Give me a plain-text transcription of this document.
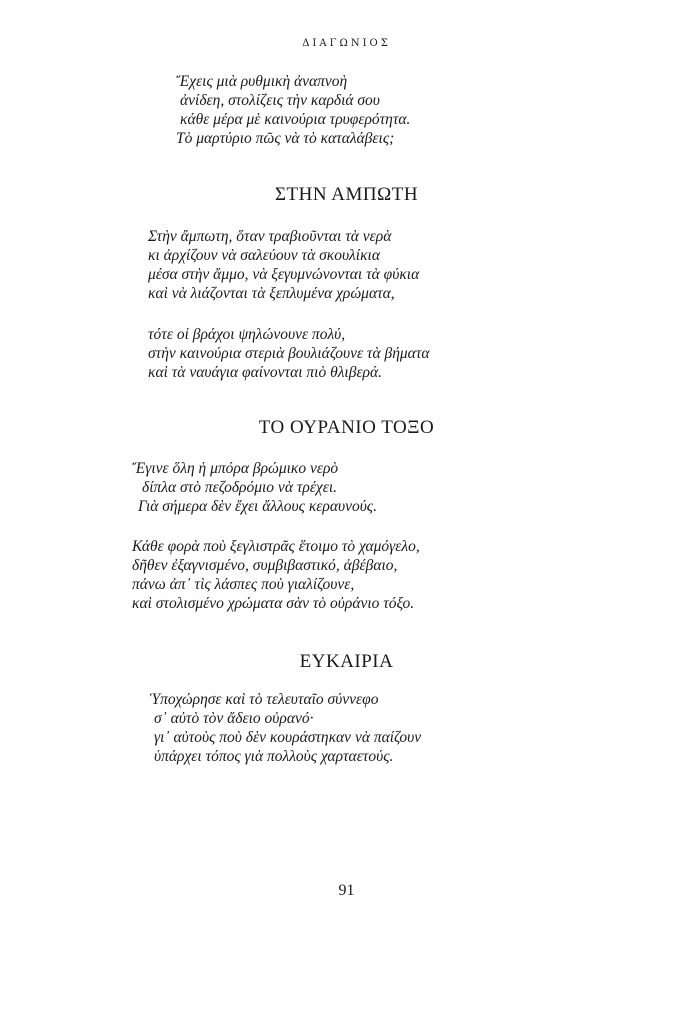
ΔΙΑΓΩΝΙΟΣ
Ἔχεις μιὰ ρυθμικὴ ἀναπνοὴ
ἀνίδεη, στολίζεις τὴν καρδιά σου
κάθε μέρα μὲ καινούρια τρυφερότητα.
Τὸ μαρτύριο πῶς νὰ τὸ καταλάβεις;
ΣΤΗΝ ΑΜΠΩΤΗ
Στὴν ἄμπωτη, ὅταν τραβιοῦνται τὰ νερὰ
κι ἀρχίζουν νὰ σαλεύουν τὰ σκουλίκια
μέσα στὴν ἄμμο, νὰ ξεγυμνώνονται τὰ φύκια
καὶ νὰ λιάζονται τὰ ξεπλυμένα χρώματα,
τότε οἱ βράχοι ψηλώνουνε πολύ,
στὴν καινούρια στεριὰ βουλιάζουνε τὰ βήματα
καὶ τὰ ναυάγια φαίνονται πιὸ θλιβερά.
ΤΟ ΟΥΡΑΝΙΟ ΤΟΞΟ
Ἔγινε ὅλη ἡ μπόρα βρώμικο νερὸ
δίπλα στὸ πεζοδρόμιο νὰ τρέχει.
Γιὰ σήμερα δὲν ἔχει ἄλλους κεραυνούς.
Κάθε φορὰ ποὺ ξεγλιστρᾶς ἕτοιμο τὸ χαμόγελο,
δῆθεν ἐξαγνισμένο, συμβιβαστικό, ἀβέβαιο,
πάνω ἀπ᾽ τὶς λάσπες ποὺ γιαλίζουνε,
καὶ στολισμένο χρώματα σὰν τὸ οὐράνιο τόξο.
ΕΥΚΑΙΡΙΑ
Ὑποχώρησε καὶ τὸ τελευταῖο σύννεφο
σ᾽ αὐτὸ τὸν ἄδειο οὐρανό·
γι᾽ αὐτοὺς ποὺ δὲν κουράστηκαν νὰ παίζουν
ὑπάρχει τόπος γιὰ πολλοὺς χαρταετούς.
91
